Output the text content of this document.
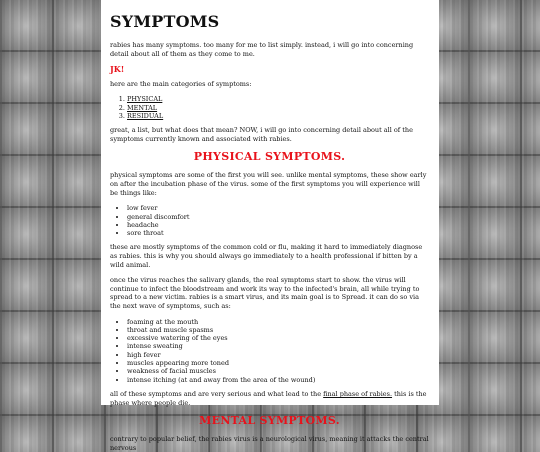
SYMPTOMS

rabies has many symptoms. too many for me to list simply. instead, i will go into concerning detail about all of them as they come to me.

JK!

here are the main categories of symptoms:

1. PHYSICAL
2. MENTAL
3. RESIDUAL

great, a list, but what does that mean? NOW, i will go into concerning detail about all of the symptoms currently known and associated with rabies.

PHYSICAL SYMPTOMS.

physical symptoms are some of the first you will see. unlike mental symptoms, these show early on after the incubation phase of the virus. some of the first symptoms you will experience will be things like:

• low fever
• general discomfort
• headache
• sore throat

these are mostly symptoms of the common cold or flu, making it hard to immediately diagnose as rabies. this is why you should always go immediately to a health professional if bitten by a wild animal.

once the virus reaches the salivary glands, the real symptoms start to show. the virus will continue to infect the bloodstream and work its way to the infected's brain, all while trying to spread to a new victim. rabies is a smart virus, and its main goal is to Spread. it can do so via the next wave of symptoms, such as:

• foaming at the mouth
• throat and muscle spasms
• excessive watering of the eyes
• intense sweating
• high fever
• muscles appearing more toned
• weakness of facial muscles
• intense itching (at and away from the area of the wound)

all of these symptoms and are very serious and what lead to the final phase of rabies. this is the phase where people die.

MENTAL SYMPTOMS.

contrary to popular belief, the rabies virus is a neurological virus, meaning it attacks the central nervous
